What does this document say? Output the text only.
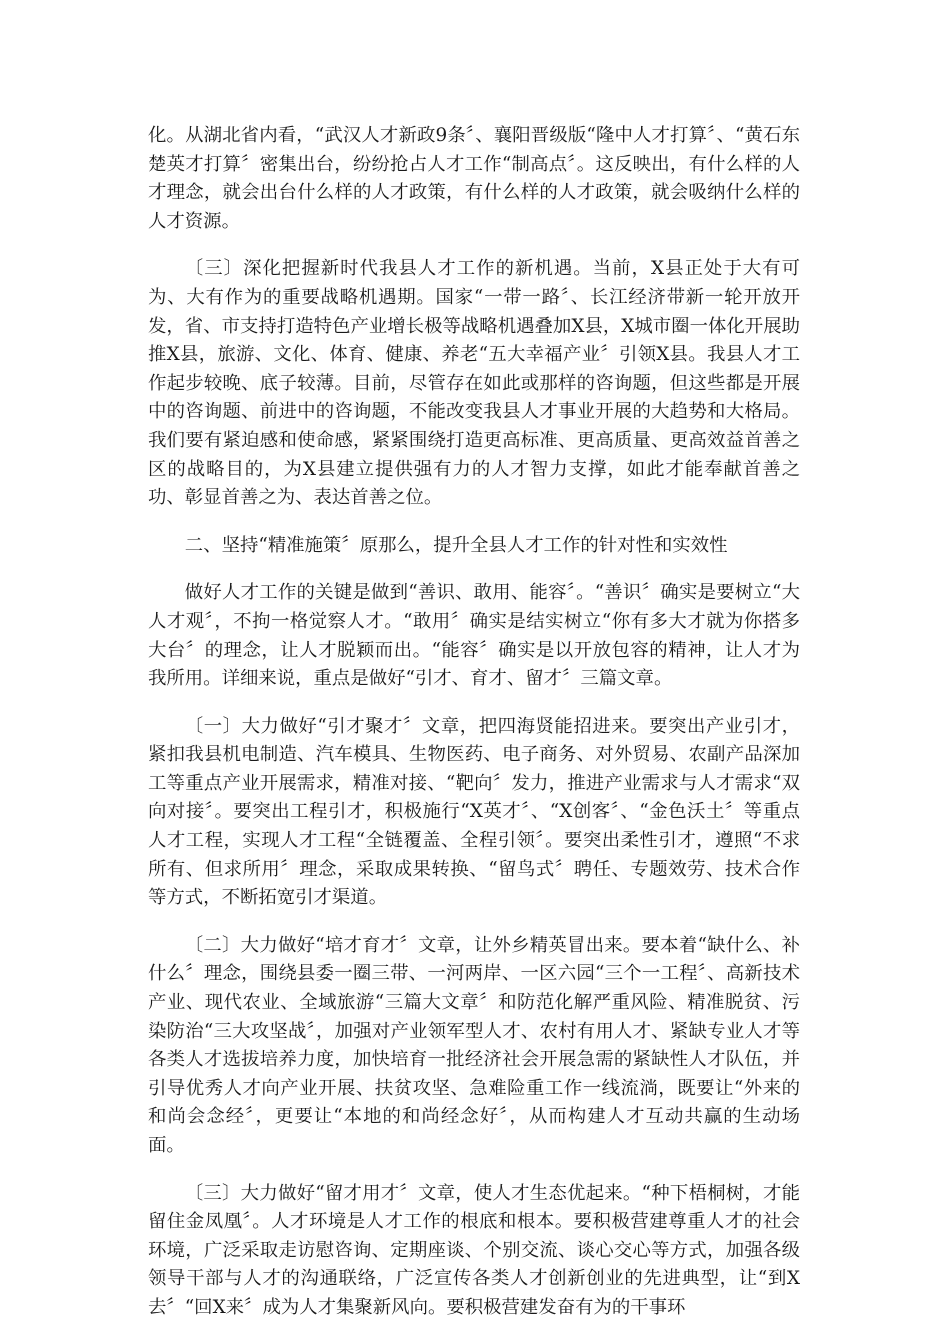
化。从湖北省内看，“武汉人才新政9条〞、襄阳晋级版“隆中人才打算〞、“黄石东楚英才打算〞密集出台，纷纷抢占人才工作“制高点〞。这反映出，有什么样的人才理念，就会出台什么样的人才政策，有什么样的人才政策，就会吸纳什么样的人才资源。

〔三〕深化把握新时代我县人才工作的新机遇。当前，X县正处于大有可为、大有作为的重要战略机遇期。国家“一带一路〞、长江经济带新一轮开放开发，省、市支持打造特色产业增长极等战略机遇叠加X县，X城市圈一体化开展助推X县，旅游、文化、体育、健康、养老“五大幸福产业〞引领X县。我县人才工作起步较晚、底子较薄。目前，尽管存在如此或那样的咨询题，但这些都是开展中的咨询题、前进中的咨询题，不能改变我县人才事业开展的大趋势和大格局。我们要有紧迫感和使命感，紧紧围绕打造更高标准、更高质量、更高效益首善之区的战略目的，为X县建立提供强有力的人才智力支撑，如此才能奉献首善之功、彰显首善之为、表达首善之位。

二、坚持“精准施策〞原那么，提升全县人才工作的针对性和实效性

做好人才工作的关键是做到“善识、敢用、能容〞。“善识〞确实是要树立“大人才观〞，不拘一格觉察人才。“敢用〞确实是结实树立“你有多大才就为你搭多大台〞的理念，让人才脱颖而出。“能容〞确实是以开放包容的精神，让人才为我所用。详细来说，重点是做好“引才、育才、留才〞三篇文章。

〔一〕大力做好“引才聚才〞文章，把四海贤能招进来。要突出产业引才，紧扣我县机电制造、汽车模具、生物医药、电子商务、对外贸易、农副产品深加工等重点产业开展需求，精准对接、“靶向〞发力，推进产业需求与人才需求“双向对接〞。要突出工程引才，积极施行“X英才〞、“X创客〞、“金色沃土〞等重点人才工程，实现人才工程“全链覆盖、全程引领〞。要突出柔性引才，遵照“不求所有、但求所用〞理念，采取成果转换、“留鸟式〞聘任、专题效劳、技术合作等方式，不断拓宽引才渠道。

〔二〕大力做好“培才育才〞文章，让外乡精英冒出来。要本着“缺什么、补什么〞理念，围绕县委一圈三带、一河两岸、一区六园“三个一工程〞、高新技术产业、现代农业、全域旅游“三篇大文章〞和防范化解严重风险、精准脱贫、污染防治“三大攻坚战〞，加强对产业领军型人才、农村有用人才、紧缺专业人才等各类人才选拔培养力度，加快培育一批经济社会开展急需的紧缺性人才队伍，并引导优秀人才向产业开展、扶贫攻坚、急难险重工作一线流淌，既要让“外来的和尚会念经〞，更要让“本地的和尚经念好〞，从而构建人才互动共赢的生动场面。

〔三〕大力做好“留才用才〞文章，使人才生态优起来。“种下梧桐树，才能留住金凤凰〞。人才环境是人才工作的根底和根本。要积极营建尊重人才的社会环境，广泛采取走访慰咨询、定期座谈、个别交流、谈心交心等方式，加强各级领导干部与人才的沟通联络，广泛宣传各类人才创新创业的先进典型，让“到X去〞“回X来〞成为人才集聚新风向。要积极营建发奋有为的干事环
